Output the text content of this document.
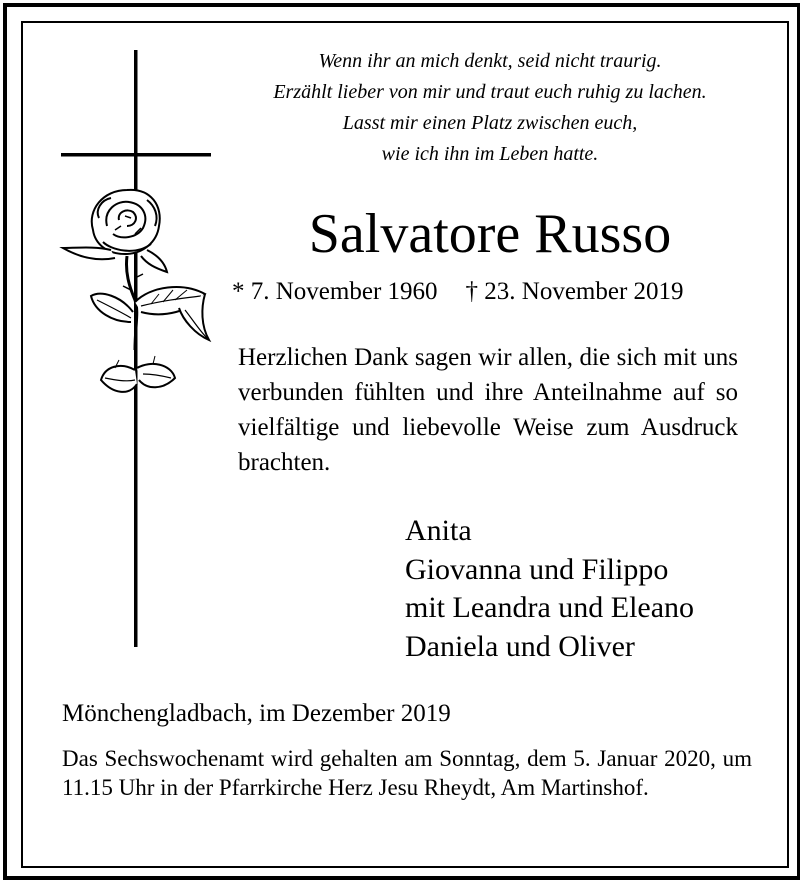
Wenn ihr an mich denkt, seid nicht traurig.
Erzählt lieber von mir und traut euch ruhig zu lachen.
Lasst mir einen Platz zwischen euch,
wie ich ihn im Leben hatte.
Salvatore Russo
* 7. November 1960 † 23. November 2019
Herzlichen Dank sagen wir allen, die sich mit uns verbunden fühlten und ihre Anteilnahme auf so vielfältige und liebevolle Weise zum Ausdruck brachten.
Anita
Giovanna und Filippo
mit Leandra und Eleano
Daniela und Oliver
Mönchengladbach, im Dezember 2019
Das Sechswochenamt wird gehalten am Sonntag, dem 5. Januar 2020, um 11.15 Uhr in der Pfarrkirche Herz Jesu Rheydt, Am Martinshof.
